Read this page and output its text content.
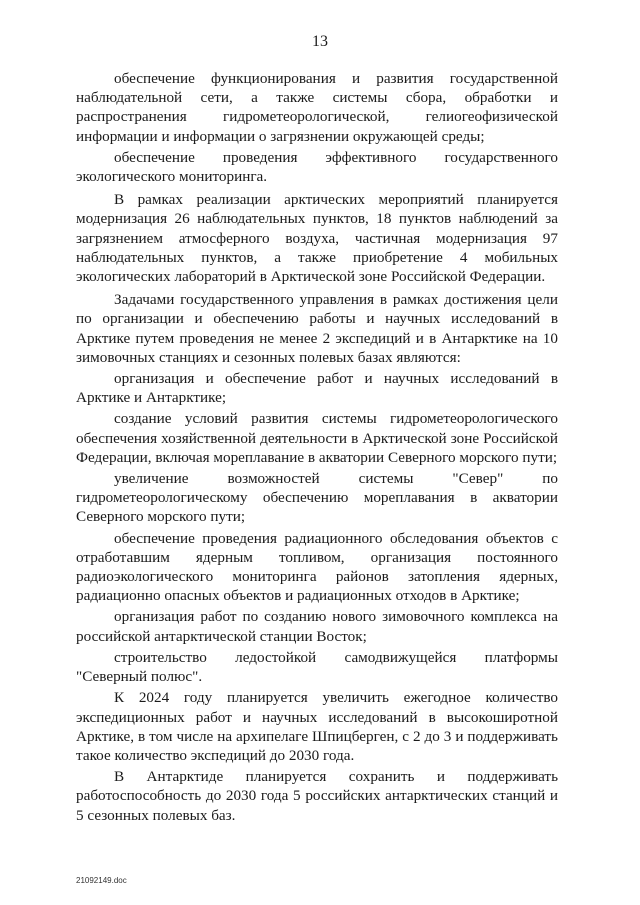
13

обеспечение функционирования и развития государственной наблюдательной сети, а также системы сбора, обработки и распространения гидрометеорологической, гелиогеофизической информации и информации о загрязнении окружающей среды;

обеспечение проведения эффективного государственного экологического мониторинга.

В рамках реализации арктических мероприятий планируется модернизация 26 наблюдательных пунктов, 18 пунктов наблюдений за загрязнением атмосферного воздуха, частичная модернизация 97 наблюдательных пунктов, а также приобретение 4 мобильных экологических лабораторий в Арктической зоне Российской Федерации.

Задачами государственного управления в рамках достижения цели по организации и обеспечению работы и научных исследований в Арктике путем проведения не менее 2 экспедиций и в Антарктике на 10 зимовочных станциях и сезонных полевых базах являются:

организация и обеспечение работ и научных исследований в Арктике и Антарктике;

создание условий развития системы гидрометеорологического обеспечения хозяйственной деятельности в Арктической зоне Российской Федерации, включая мореплавание в акватории Северного морского пути;

увеличение возможностей системы "Север" по гидрометеорологическому обеспечению мореплавания в акватории Северного морского пути;

обеспечение проведения радиационного обследования объектов с отработавшим ядерным топливом, организация постоянного радиоэкологического мониторинга районов затопления ядерных, радиационно опасных объектов и радиационных отходов в Арктике;

организация работ по созданию нового зимовочного комплекса на российской антарктической станции Восток;

строительство ледостойкой самодвижущейся платформы "Северный полюс".

К 2024 году планируется увеличить ежегодное количество экспедиционных работ и научных исследований в высокоширотной Арктике, в том числе на архипелаге Шпицберген, с 2 до 3 и поддерживать такое количество экспедиций до 2030 года.

В Антарктиде планируется сохранить и поддерживать работоспособность до 2030 года 5 российских антарктических станций и 5 сезонных полевых баз.

21092149.doc
